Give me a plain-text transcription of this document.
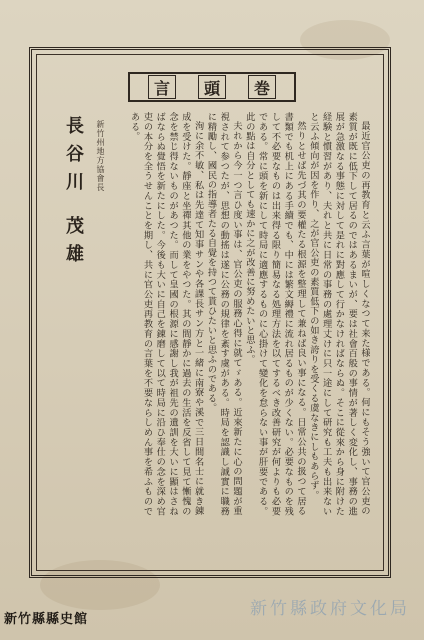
言	頭	巻
長谷川 茂雄 新竹州地方協會長	最近官公吏の再教育と云ふ言葉が喧しくなつて来た様である。何にもそう強いて官公吏の素質が既に低下して居るのではあるまいが、要は社會百般の事情が著しく変化し、事務の進展が急激なる事態に対して是れに對應して行かなければならぬ。そこに從來から身に附けた経験と慣習があり、夫れと共に日常の事務の處理丈けに只一途にして研究も工夫も出来ないと云ふ傾向が因を作り、之が官公吏の素質低下の如き誇りを受くる虞なきにしもあらず。

然りとせば先づ其の要權たる根源を整理して兼ねば良い事になる。日常公共の扱つて居る書類でも机上にある手續でも、中には繁文縟禮に流れ居るものが少くない。必要なものを残して不必要なものは出来得る限り簡易なる処理方法を以てするべき改善研究が何よりも必要である。常に頭を新にして時局に適應するものに心掛けて變化を怠らない事が肝要である。此の點は自分としても速かに之が改善に努めたいと思ふ。

夫れから今一つ言ひ度い事は、官公吏の服務心得に就てゞある。近來新たに心の問題が重視されて参つたが、思想の動搖は遂に公務の規律を紊す虞がある。時局を認識し誠實に職務に精勵し、國民の指導者たる自覺を持つて貰ひたいと思ふのである。

洵に余不敏、私は先達て知事サンや各課長サン方と一緒に南寮や溪で三日間名士に就き錬成を受けた。靜座と坐禪其他の業をやつた。其の間靜かに過去の生活を反省して見て慚愧の念を禁じ得ないものがあつた。而して皇國の根源に感謝し我が祖先の遺訓を大いに顯はさねばならぬ覺悟を新たにした。今後も大いに自己を錬磨して以て時局に沿ひ奉仕の念を深め官吏の本分を全うせんことを期し、共に官公吏再教育の言葉を不要ならしめん事を希ふものである。

新竹縣縣史館
新竹縣政府文化局
